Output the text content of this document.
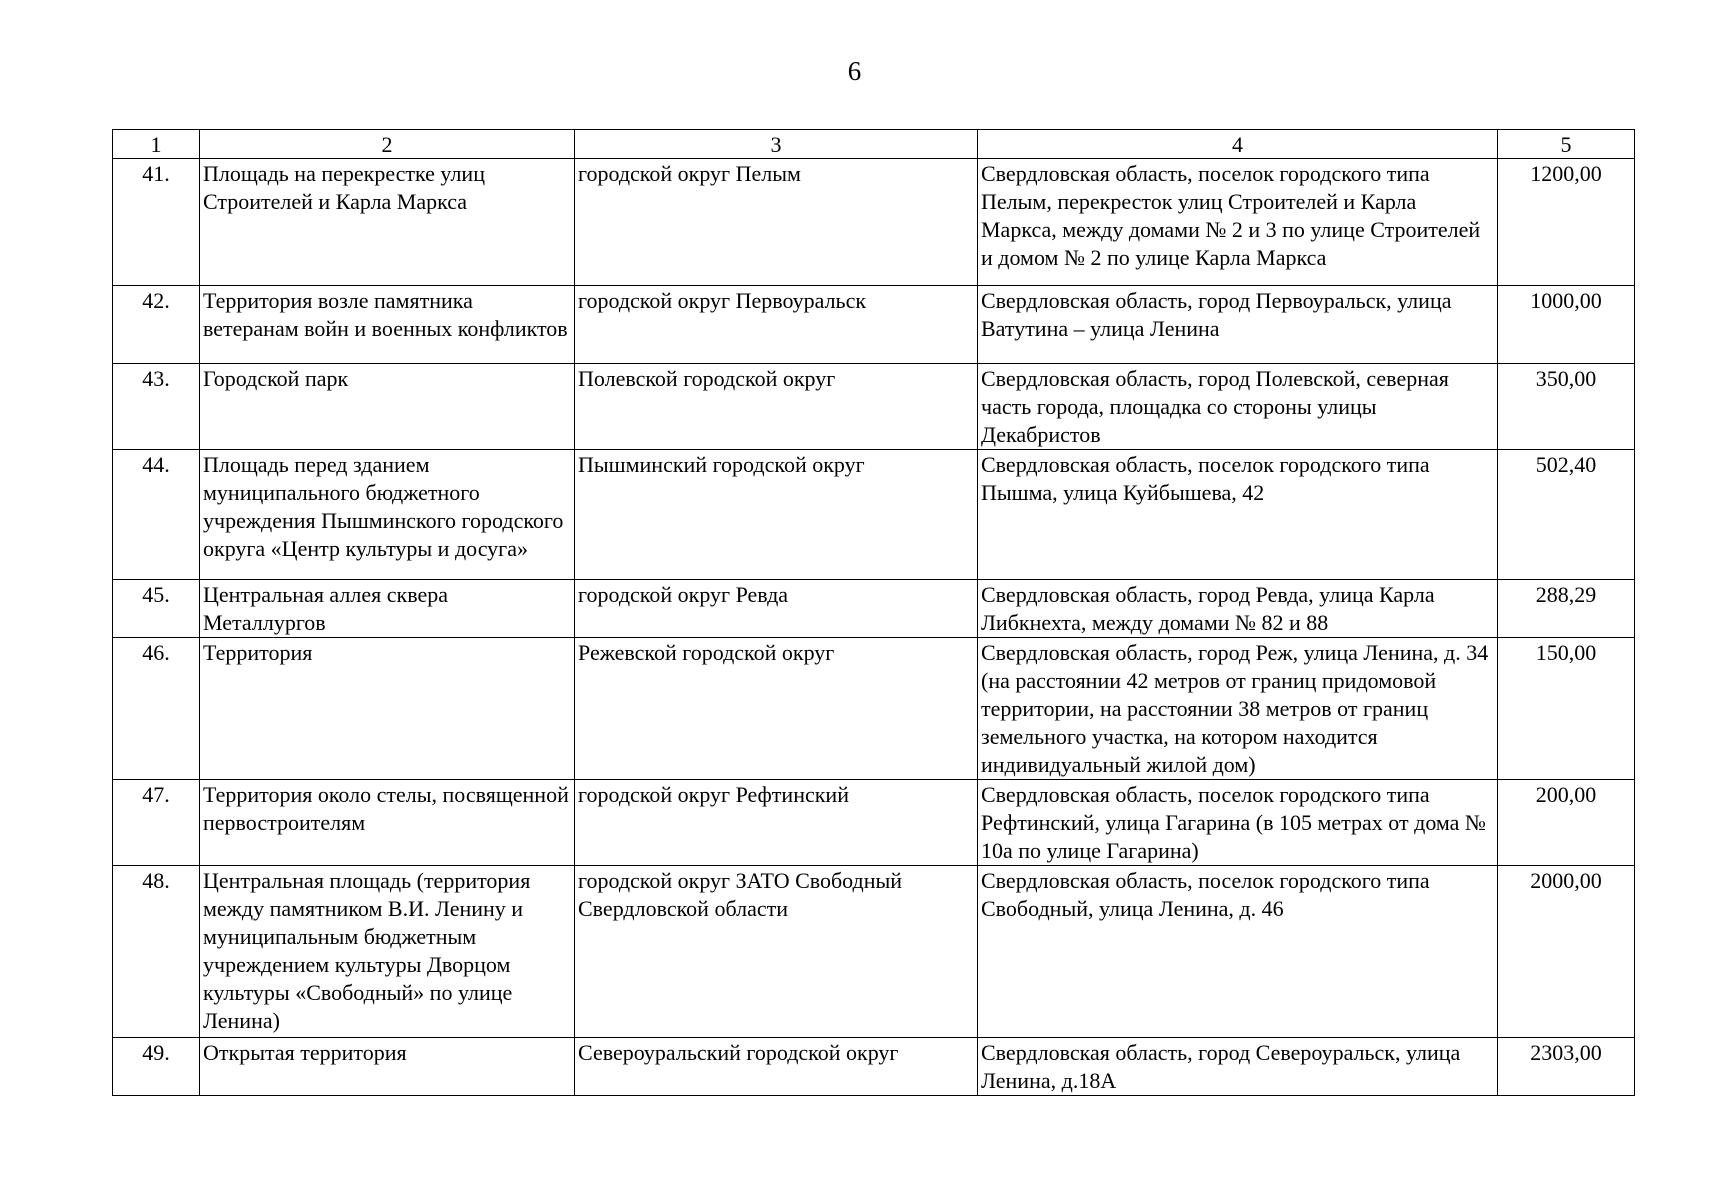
6
1	2	3	4	5
41.	Площадь на перекрестке улиц Строителей и Карла Маркса	городской округ Пелым	Свердловская область, поселок городского типа Пелым, перекресток улиц Строителей и Карла Маркса, между домами № 2 и 3 по улице Строителей и домом № 2 по улице Карла Маркса	1200,00
42.	Территория возле памятника ветеранам войн и военных конфликтов	городской округ Первоуральск	Свердловская область, город Первоуральск, улица Ватутина – улица Ленина	1000,00
43.	Городской парк	Полевской городской округ	Свердловская область, город Полевской, северная часть города, площадка со стороны улицы Декабристов	350,00
44.	Площадь перед зданием муниципального бюджетного учреждения Пышминского городского округа «Центр культуры и досуга»	Пышминский городской округ	Свердловская область, поселок городского типа Пышма, улица Куйбышева, 42	502,40
45.	Центральная аллея сквера Металлургов	городской округ Ревда	Свердловская область, город Ревда, улица Карла Либкнехта, между домами № 82 и 88	288,29
46.	Территория	Режевской городской округ	Свердловская область, город Реж, улица Ленина, д. 34 (на расстоянии 42 метров от границ придомовой территории, на расстоянии 38 метров от границ земельного участка, на котором находится индивидуальный жилой дом)	150,00
47.	Территория около стелы, посвященной первостроителям	городской округ Рефтинский	Свердловская область, поселок городского типа Рефтинский, улица Гагарина (в 105 метрах от дома № 10а по улице Гагарина)	200,00
48.	Центральная площадь (территория между памятником В.И. Ленину и муниципальным бюджетным учреждением культуры Дворцом культуры «Свободный» по улице Ленина)	городской округ ЗАТО Свободный Свердловской области	Свердловская область, поселок городского типа Свободный, улица Ленина, д. 46	2000,00
49.	Открытая территория	Североуральский городской округ	Свердловская область, город Североуральск, улица Ленина, д.18А	2303,00
